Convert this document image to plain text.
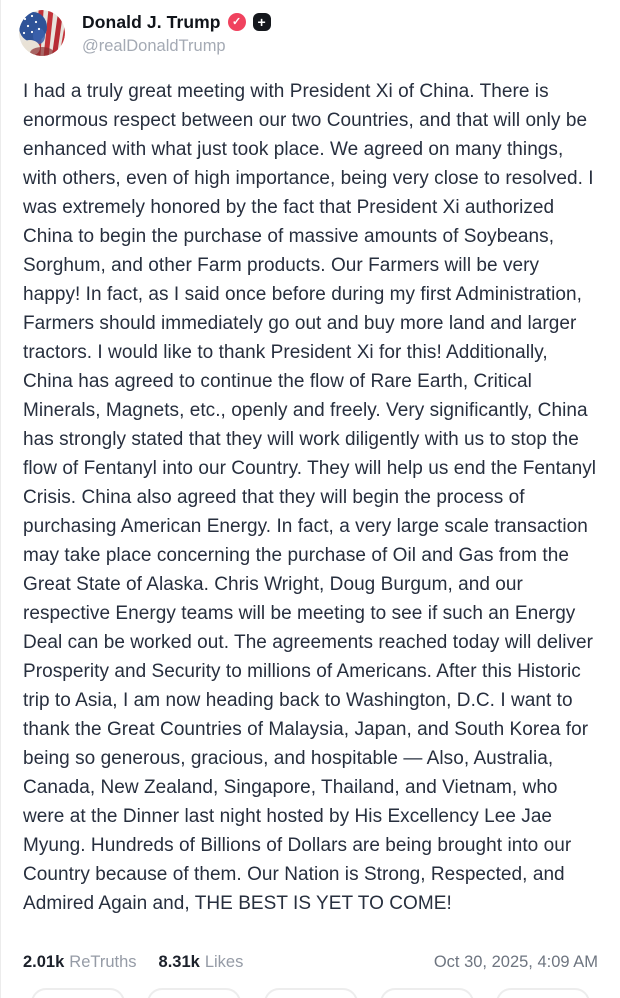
Donald J. Trump	✓	+
@realDonaldTrump

I had a truly great meeting with President Xi of China. There is enormous respect between our two Countries, and that will only be enhanced with what just took place. We agreed on many things, with others, even of high importance, being very close to resolved. I was extremely honored by the fact that President Xi authorized China to begin the purchase of massive amounts of Soybeans, Sorghum, and other Farm products. Our Farmers will be very happy! In fact, as I said once before during my first Administration, Farmers should immediately go out and buy more land and larger tractors. I would like to thank President Xi for this! Additionally, China has agreed to continue the flow of Rare Earth, Critical Minerals, Magnets, etc., openly and freely. Very significantly, China has strongly stated that they will work diligently with us to stop the flow of Fentanyl into our Country. They will help us end the Fentanyl Crisis. China also agreed that they will begin the process of purchasing American Energy. In fact, a very large scale transaction may take place concerning the purchase of Oil and Gas from the Great State of Alaska. Chris Wright, Doug Burgum, and our respective Energy teams will be meeting to see if such an Energy Deal can be worked out. The agreements reached today will deliver Prosperity and Security to millions of Americans. After this Historic trip to Asia, I am now heading back to Washington, D.C. I want to thank the Great Countries of Malaysia, Japan, and South Korea for being so generous, gracious, and hospitable — Also, Australia, Canada, New Zealand, Singapore, Thailand, and Vietnam, who were at the Dinner last night hosted by His Excellency Lee Jae Myung. Hundreds of Billions of Dollars are being brought into our Country because of them. Our Nation is Strong, Respected, and Admired Again and, THE BEST IS YET TO COME!

2.01k ReTruths 8.31k Likes	Oct 30, 2025, 4:09 AM
